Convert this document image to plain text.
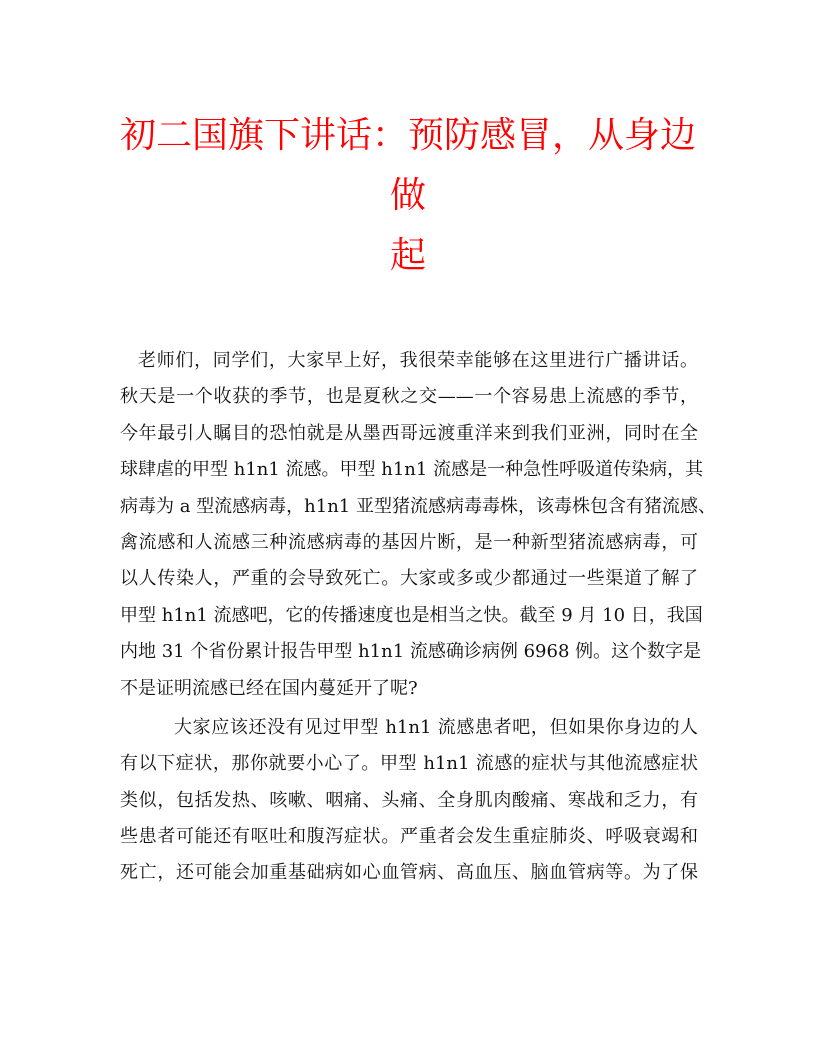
初二国旗下讲话：预防感冒，从身边做
起
老师们，同学们，大家早上好，我很荣幸能够在这里进行广播讲话。
秋天是一个收获的季节，也是夏秋之交——一个容易患上流感的季节，
今年最引人瞩目的恐怕就是从墨西哥远渡重洋来到我们亚洲，同时在全
球肆虐的甲型 h1n1 流感。甲型 h1n1 流感是一种急性呼吸道传染病，其
病毒为 a 型流感病毒，h1n1 亚型猪流感病毒毒株，该毒株包含有猪流感、
禽流感和人流感三种流感病毒的基因片断，是一种新型猪流感病毒，可
以人传染人，严重的会导致死亡。大家或多或少都通过一些渠道了解了
甲型 h1n1 流感吧，它的传播速度也是相当之快。截至 9 月 10 日，我国
内地 31 个省份累计报告甲型 h1n1 流感确诊病例 6968 例。这个数字是
不是证明流感已经在国内蔓延开了呢?
大家应该还没有见过甲型 h1n1 流感患者吧，但如果你身边的人
有以下症状，那你就要小心了。甲型 h1n1 流感的症状与其他流感症状
类似，包括发热、咳嗽、咽痛、头痛、全身肌肉酸痛、寒战和乏力，有
些患者可能还有呕吐和腹泻症状。严重者会发生重症肺炎、呼吸衰竭和
死亡，还可能会加重基础病如心血管病、高血压、脑血管病等。为了保
